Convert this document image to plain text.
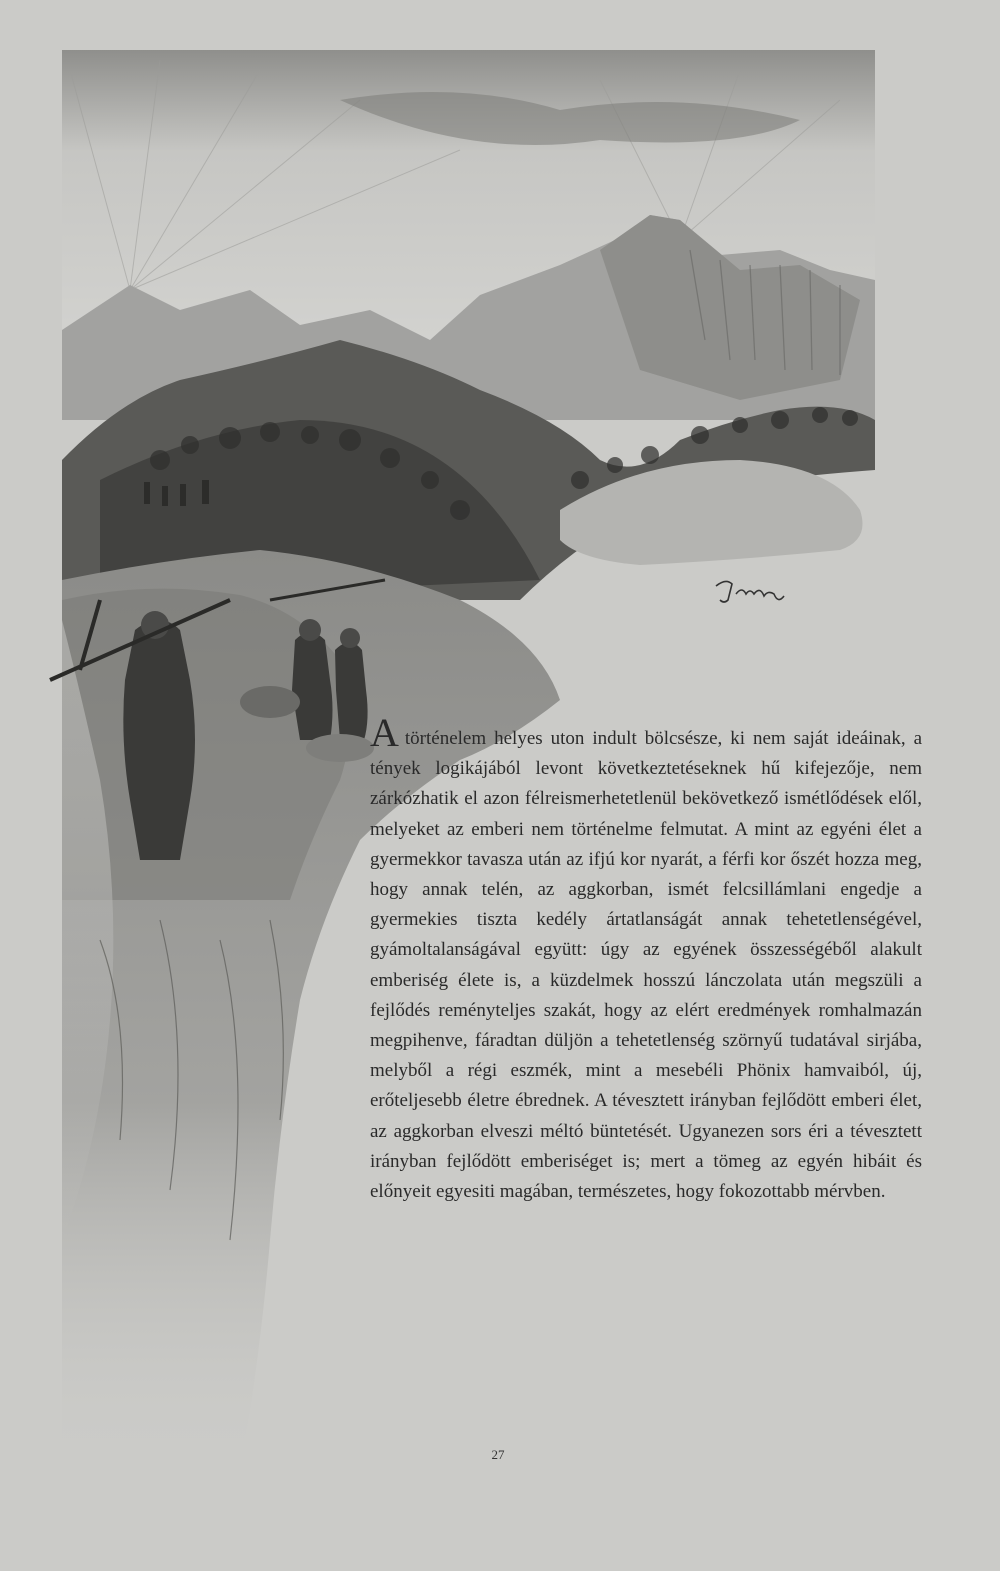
Atörténelem helyes uton indult bölcsésze, ki nem saját ideáinak, a tények logikájából levont következtetéseknek hű kifejezője, nem zárkózhatik el azon félreismerhetetlenül bekövetkező ismétlődések elől, melyeket az emberi nem történelme felmutat. A mint az egyéni élet a gyermekkor tavasza után az ifjú kor nyarát, a férfi kor őszét hozza meg, hogy annak telén, az aggkorban, ismét felcsillámlani engedje a gyermekies tiszta kedély ártatlanságát annak tehetetlenségével, gyámoltalanságával együtt: úgy az egyének összességéből alakult emberiség élete is, a küzdelmek hosszú lánczolata után megszüli a fejlődés reményteljes szakát, hogy az elért eredmények romhalmazán megpihenve, fáradtan düljön a tehetetlenség szörnyű tudatával sirjába, melyből a régi eszmék, mint a mesebéli Phönix hamvaiból, új, erőteljesebb életre ébrednek. A tévesztett irányban fejlődött emberi élet, az aggkorban elveszi méltó büntetését. Ugyanezen sors éri a tévesztett irányban fejlődött emberiséget is; mert a tömeg az egyén hibáit és előnyeit egyesiti magában, természetes, hogy fokozottabb mérvben.

27
